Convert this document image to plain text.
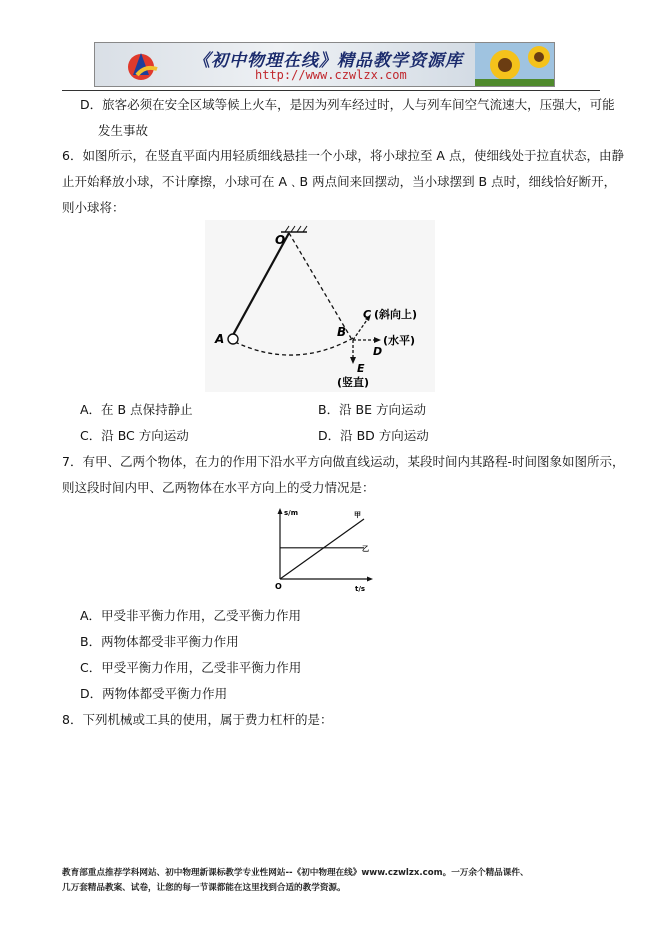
《初中物理在线》精品教学资源库
http://www.czwlzx.com
D．旅客必须在安全区域等候上火车，是因为列车经过时，人与列车间空气流速大，压强大，可能
发生事故
6．如图所示，在竖直平面内用轻质细线悬挂一个小球，将小球拉至 A 点，使细线处于拉直状态，由静
止开始释放小球，不计摩擦，小球可在 A﹑B 两点间来回摆动，当小球摆到 B 点时，细线恰好断开，
则小球将：
O
A	B
C (斜向上)
D
(水平)
E
(竖直)
A．在 B 点保持静止	B．沿 BE 方向运动
C．沿 BC 方向运动	D．沿 BD 方向运动
7．有甲、乙两个物体，在力的作用下沿水平方向做直线运动，某段时间内其路程-时间图象如图所示，
则这段时间内甲、乙两物体在水平方向上的受力情况是：
s/m
t/s
O
甲
乙
A．甲受非平衡力作用，乙受平衡力作用
B．两物体都受非平衡力作用
C．甲受平衡力作用，乙受非平衡力作用
D．两物体都受平衡力作用
8．下列机械或工具的使用，属于费力杠杆的是：
教育部重点推荐学科网站、初中物理新课标教学专业性网站--《初中物理在线》www.czwlzx.com。一万余个精品课件、
几万套精品教案、试卷，让您的每一节课都能在这里找到合适的教学资源。
